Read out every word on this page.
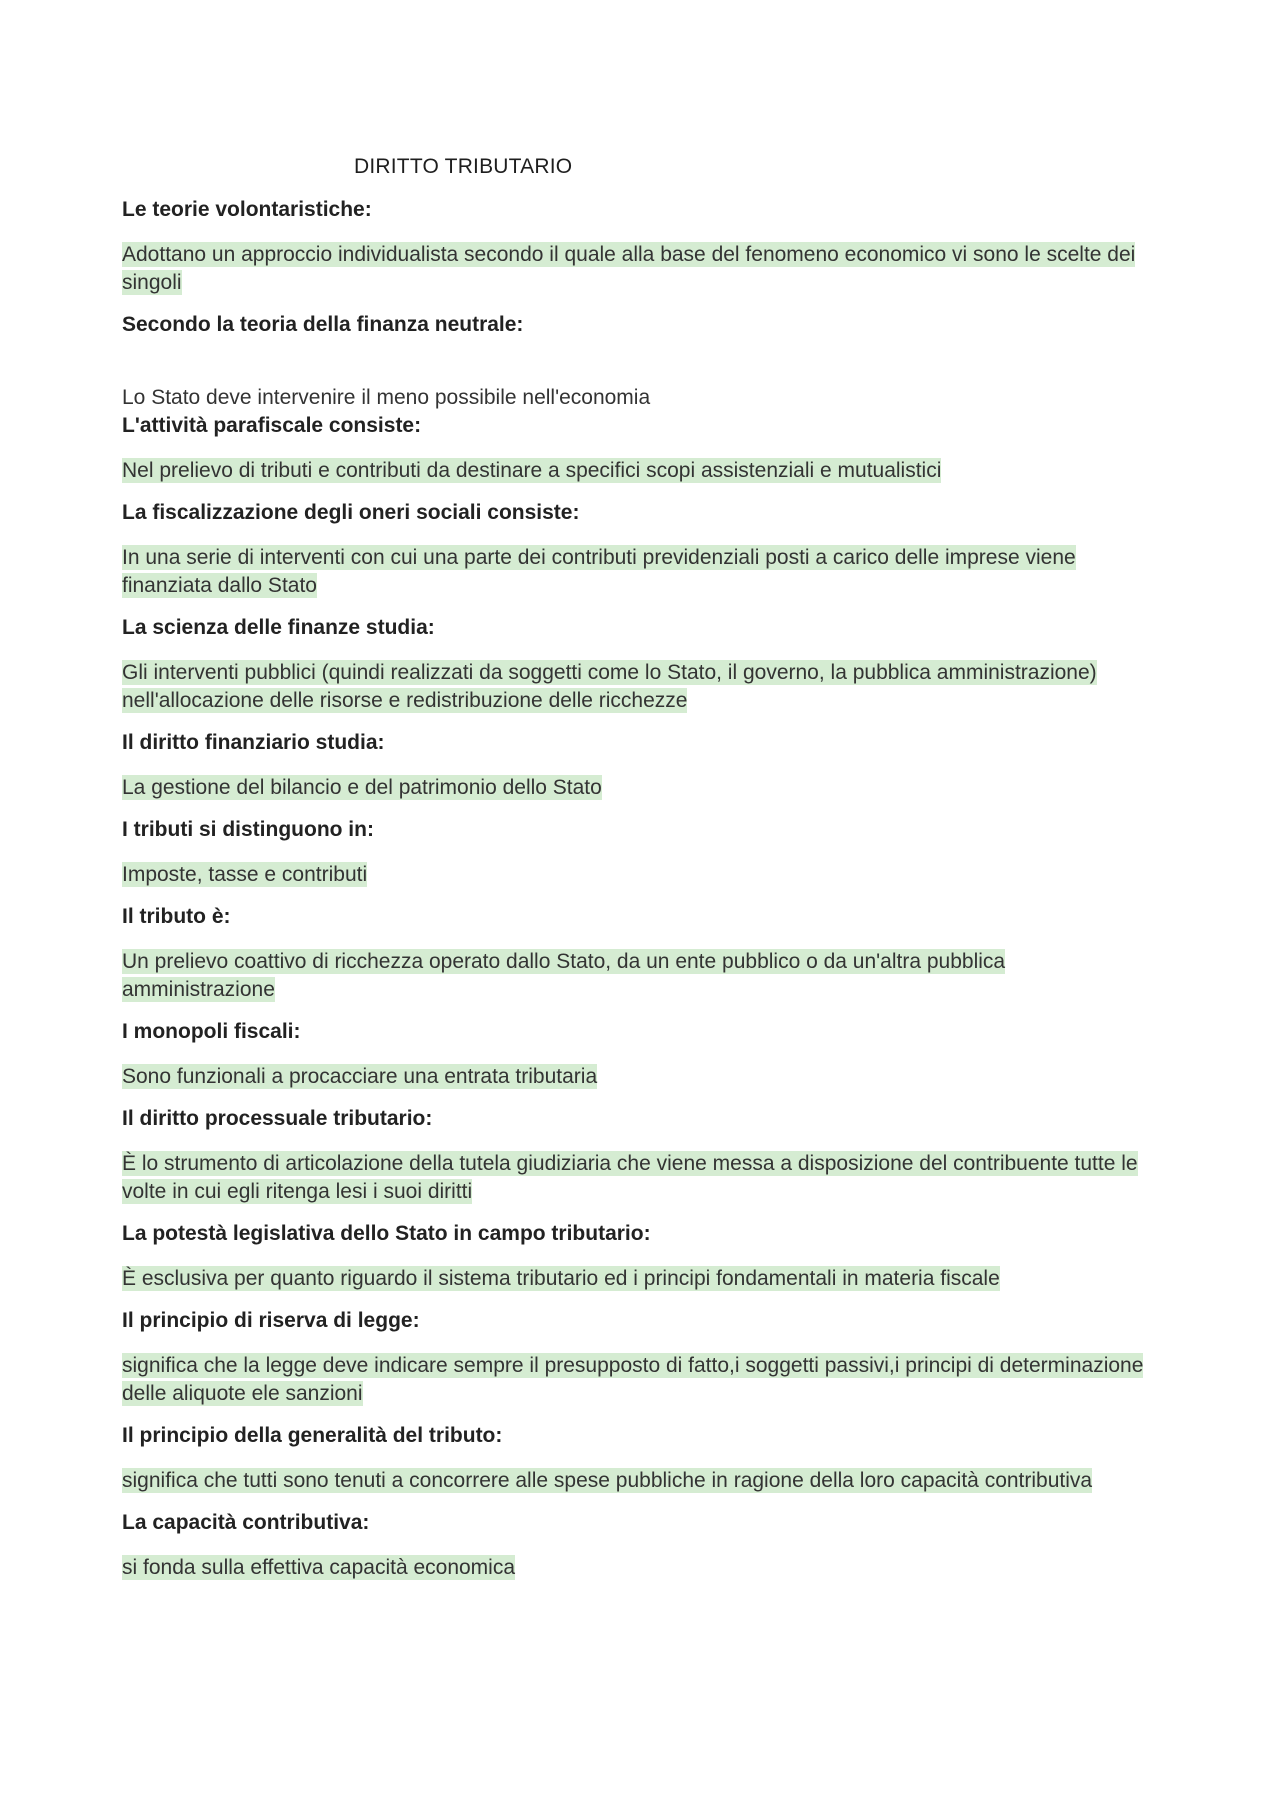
DIRITTO TRIBUTARIO

Le teorie volontaristiche:

Adottano un approccio individualista secondo il quale alla base del fenomeno economico vi sono le scelte dei singoli

Secondo la teoria della finanza neutrale:

Lo Stato deve intervenire il meno possibile nell'economia

L'attività parafiscale consiste:

Nel prelievo di tributi e contributi da destinare a specifici scopi assistenziali e mutualistici

La fiscalizzazione degli oneri sociali consiste:

In una serie di interventi con cui una parte dei contributi previdenziali posti a carico delle imprese viene finanziata dallo Stato

La scienza delle finanze studia:

Gli interventi pubblici (quindi realizzati da soggetti come lo Stato, il governo, la pubblica amministrazione) nell'allocazione delle risorse e redistribuzione delle ricchezze

Il diritto finanziario studia:

La gestione del bilancio e del patrimonio dello Stato

I tributi si distinguono in:

Imposte, tasse e contributi

Il tributo è:

Un prelievo coattivo di ricchezza operato dallo Stato, da un ente pubblico o da un'altra pubblica amministrazione

I monopoli fiscali:

Sono funzionali a procacciare una entrata tributaria

Il diritto processuale tributario:

È lo strumento di articolazione della tutela giudiziaria che viene messa a disposizione del contribuente tutte le volte in cui egli ritenga lesi i suoi diritti

La potestà legislativa dello Stato in campo tributario:

È esclusiva per quanto riguardo il sistema tributario ed i principi fondamentali in materia fiscale

Il principio di riserva di legge:

significa che la legge deve indicare sempre il presupposto di fatto,i soggetti passivi,i principi di determinazione delle aliquote ele sanzioni

Il principio della generalità del tributo:

significa che tutti sono tenuti a concorrere alle spese pubbliche in ragione della loro capacità contributiva

La capacità contributiva:

si fonda sulla effettiva capacità economica
